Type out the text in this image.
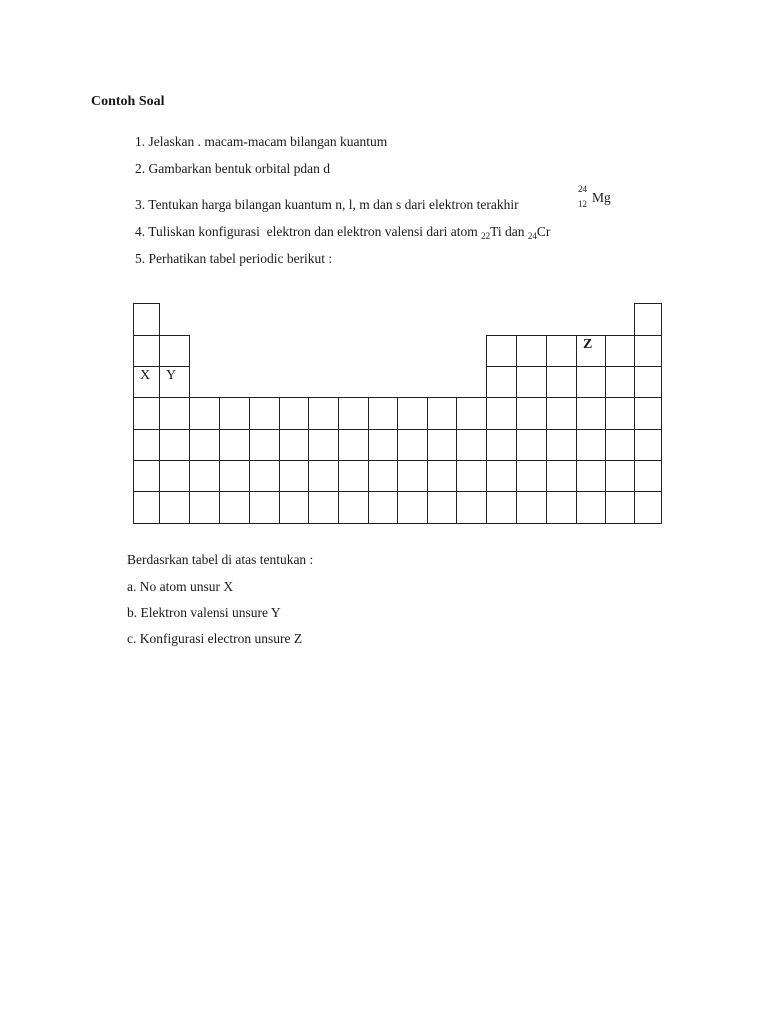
Contoh Soal
1. Jelaskan . macam-macam bilangan kuantum
2. Gambarkan bentuk orbital pdan d
3. Tentukan harga bilangan kuantum n, l, m dan s dari elektron terakhir
24
12 Mg
4. Tuliskan konfigurasi  elektron dan elektron valensi dari atom $_{22}$Ti dan $_{24}$Cr
5. Perhatikan tabel periodic berikut :
Z
X	Y
Berdasrkan tabel di atas tentukan :
a. No atom unsur X
b. Elektron valensi unsure Y
c. Konfigurasi electron unsure Z
